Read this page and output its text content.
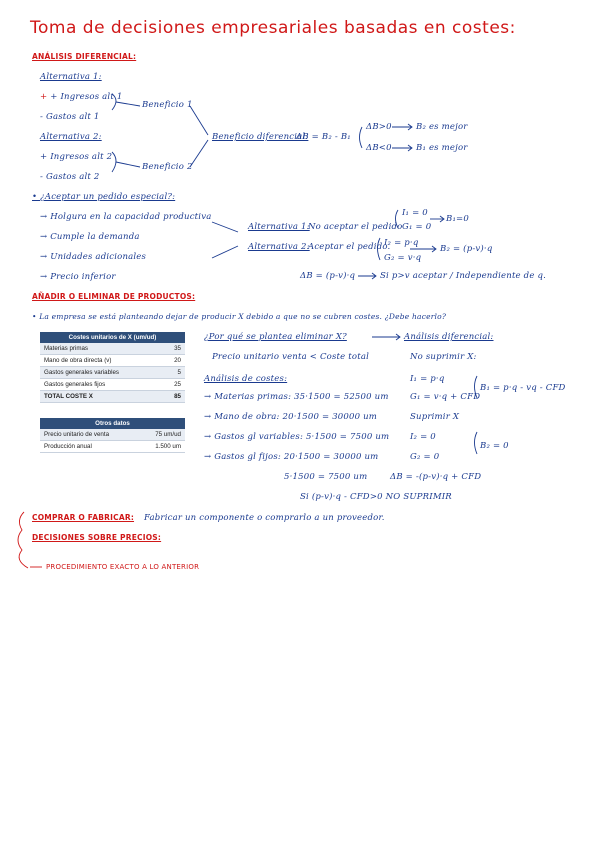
Toma de decisiones empresariales basadas en costes:
ANÁLISIS DIFERENCIAL:
Alternativa 1:
+ + Ingresos alt 1
- Gastos alt 1
Alternativa 2:
+ Ingresos alt 2
- Gastos alt 2
Beneficio 1
Beneficio 2
Beneficio diferencial:
ΔB = B₂ - B₁
ΔB>0	B₂ es mejor
ΔB<0	B₁ es mejor
• ¿Aceptar un pedido especial?:
→ Holgura en la capacidad productiva
→ Cumple la demanda
→ Unidades adicionales
→ Precio inferior
Alternativa 1:
No aceptar el pedido
Alternativa 2:
Aceptar el pedido.
I₁ = 0
G₁ = 0
B₁=0
I₂ = p·q
G₂ = v·q
B₂ = (p-v)·q
ΔB = (p-v)·q	Si p>v aceptar / Independiente de q.
AÑADIR O ELIMINAR DE PRODUCTOS:
• La empresa se está planteando dejar de producir X debido a que no se cubren costes. ¿Debe hacerlo?
Costes unitarios de X (um/ud)	
Materias primas	35
Mano de obra directa (v)	20
Gastos generales variables	5
Gastos generales fijos	25
TOTAL COSTE X	85
Otros datos	
Precio unitario de venta	75 um/ud
Producción anual	1.500 um
¿Por qué se plantea eliminar X?
Precio unitario venta < Coste total
Análisis de costes:
→ Materias primas: 35·1500 = 52500 um
→ Mano de obra: 20·1500 = 30000 um
→ Gastos gl variables: 5·1500 = 7500 um
→ Gastos gl fijos: 20·1500 = 30000 um
5·1500 = 7500 um
Análisis diferencial:
No suprimir X:
I₁ = p·q
G₁ = v·q + CFD
B₁ = p·q - vq - CFD
Suprimir X
I₂ = 0
G₂ = 0
B₂ = 0
ΔB = -(p-v)·q + CFD
Si (p-v)·q - CFD>0 NO SUPRIMIR
COMPRAR O FABRICAR: Fabricar un componente o comprarlo a un proveedor.
DECISIONES SOBRE PRECIOS:
PROCEDIMIENTO EXACTO A LO ANTERIOR
